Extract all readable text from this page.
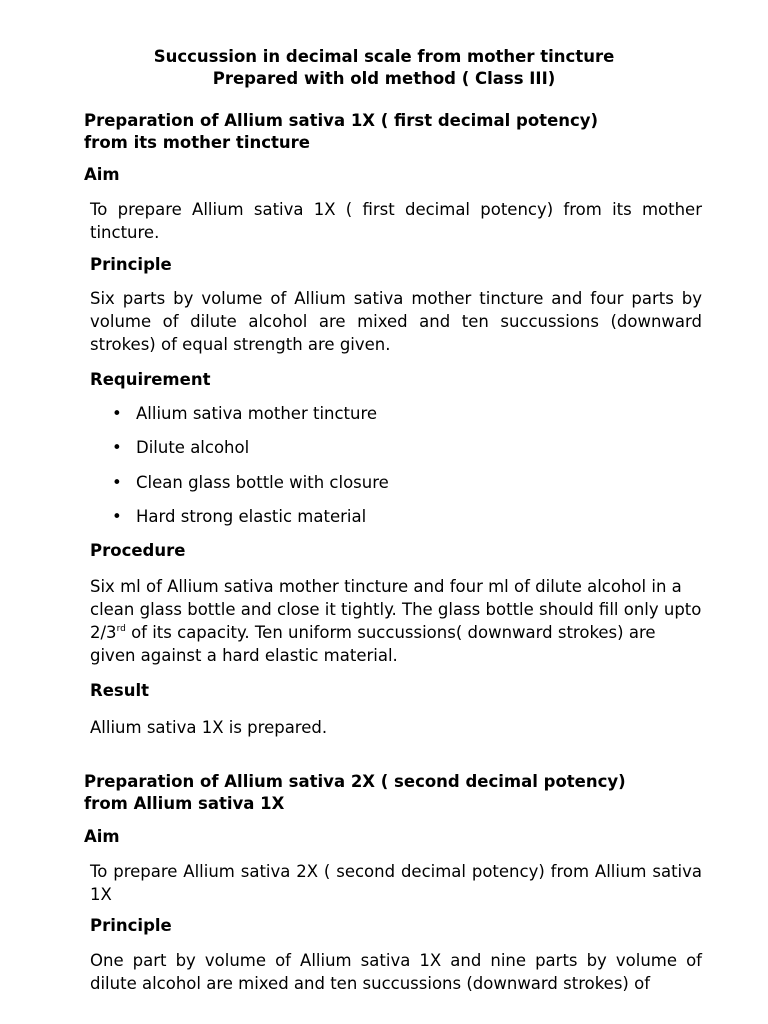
Succussion in decimal scale from mother tincture
Prepared with old method ( Class III)
Preparation of Allium sativa 1X ( first decimal potency)
from its mother tincture
Aim

To prepare Allium sativa 1X ( first decimal potency) from its mother tincture.

Principle

Six parts by volume of Allium sativa mother tincture and four parts by volume of dilute alcohol are mixed and ten succussions (downward strokes) of equal strength are given.

Requirement
• Allium sativa mother tincture
• Dilute alcohol
• Clean glass bottle with closure
• Hard strong elastic material
Procedure

Six ml of Allium sativa mother tincture and four ml of dilute alcohol in a clean glass bottle and close it tightly. The glass bottle should fill only upto 2/3rd of its capacity. Ten uniform succussions( downward strokes) are given against a hard elastic material.

Result

Allium sativa 1X is prepared.

Preparation of Allium sativa 2X ( second decimal potency)
from Allium sativa 1X
Aim

To prepare Allium sativa 2X ( second decimal potency) from Allium sativa 1X

Principle

One part by volume of Allium sativa 1X and nine parts by volume of dilute alcohol are mixed and ten succussions (downward strokes) of
